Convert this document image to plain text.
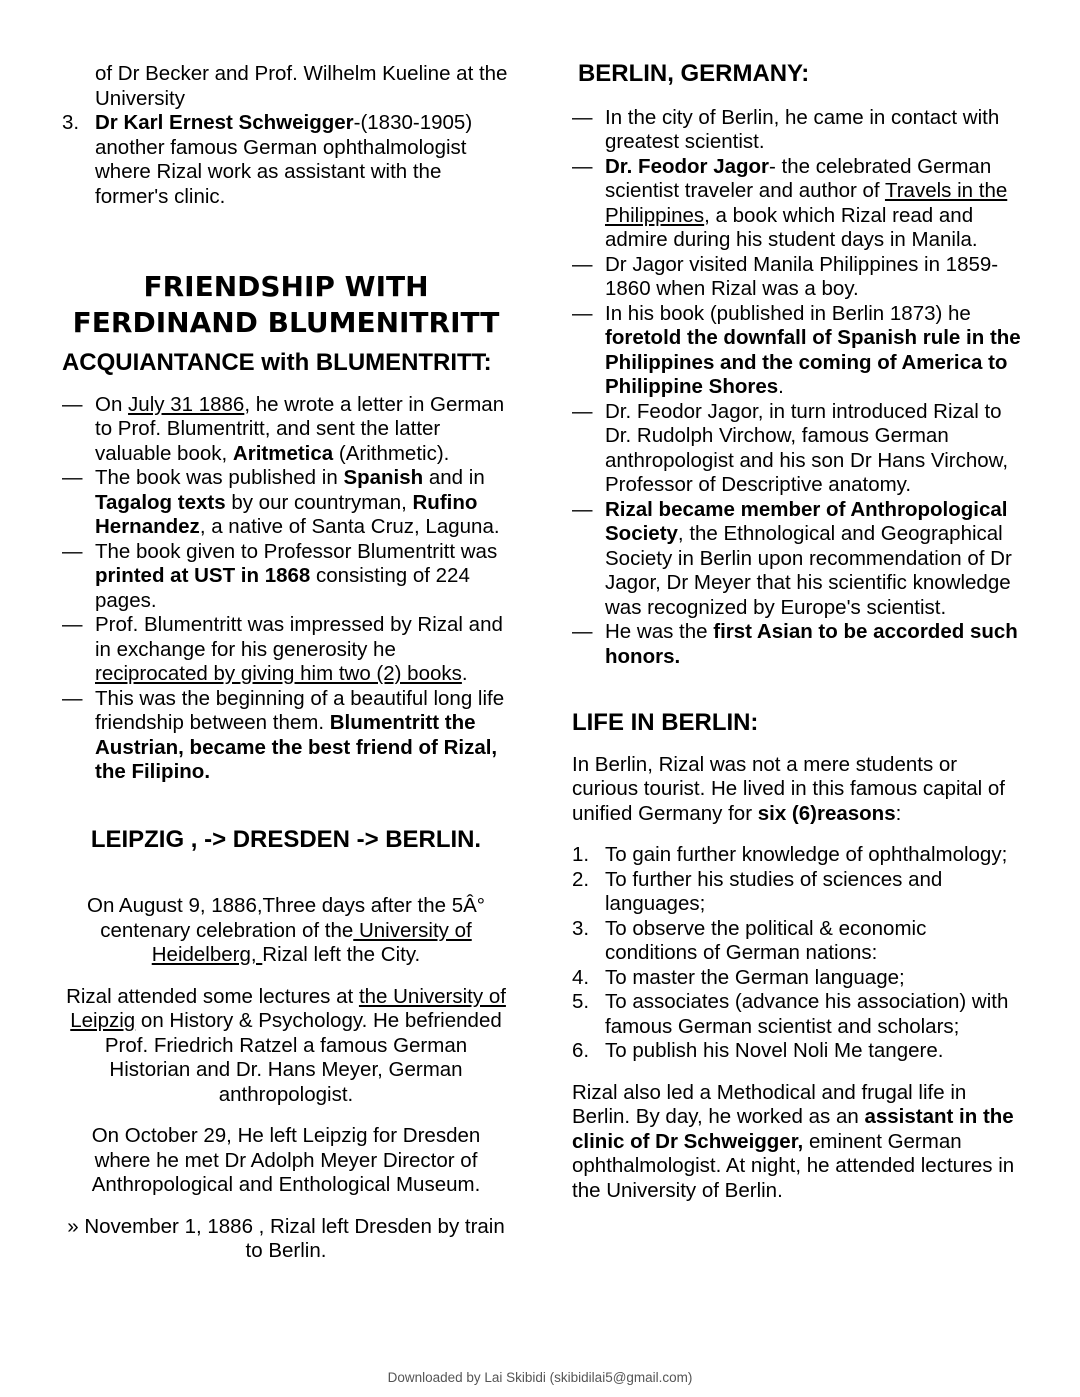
of Dr Becker and Prof. Wilhelm Kueline at the University

3. Dr Karl Ernest Schweigger-(1830-1905) another famous German ophthalmologist where Rizal work as assistant with the former's clinic.
FRIENDSHIP WITH
FERDINAND BLUMENITRITT
ACQUIANTANCE with BLUMENTRITT:
— On July 31 1886, he wrote a letter in German to Prof. Blumentritt, and sent the latter valuable book, Aritmetica (Arithmetic).
— The book was published in Spanish and in Tagalog texts by our countryman, Rufino Hernandez, a native of Santa Cruz, Laguna.
— The book given to Professor Blumentritt was printed at UST in 1868 consisting of 224 pages.
— Prof. Blumentritt was impressed by Rizal and in exchange for his generosity he reciprocated by giving him two (2) books.
— This was the beginning of a beautiful long life friendship between them. Blumentritt the Austrian, became the best friend of Rizal, the Filipino.
LEIPZIG , -> DRESDEN -> BERLIN.

On August 9, 1886,Three days after the 5Â° centenary celebration of the University of Heidelberg, Rizal left the City.

Rizal attended some lectures at the University of Leipzig on History & Psychology. He befriended Prof. Friedrich Ratzel a famous German Historian and Dr. Hans Meyer, German anthropologist.

On October 29, He left Leipzig for Dresden where he met Dr Adolph Meyer Director of Anthropological and Enthological Museum.

» November 1, 1886 , Rizal left Dresden by train to Berlin.

BERLIN, GERMANY:
— In the city of Berlin, he came in contact with greatest scientist.
— Dr. Feodor Jagor- the celebrated German scientist traveler and author of Travels in the Philippines, a book which Rizal read and admire during his student days in Manila.
— Dr Jagor visited Manila Philippines in 1859-1860 when Rizal was a boy.
— In his book (published in Berlin 1873) he foretold the downfall of Spanish rule in the Philippines and the coming of America to Philippine Shores.
— Dr. Feodor Jagor, in turn introduced Rizal to Dr. Rudolph Virchow, famous German anthropologist and his son Dr Hans Virchow, Professor of Descriptive anatomy.
— Rizal became member of Anthropological Society, the Ethnological and Geographical Society in Berlin upon recommendation of Dr Jagor, Dr Meyer that his scientific knowledge was recognized by Europe's scientist.
— He was the first Asian to be accorded such honors.
LIFE IN BERLIN:

In Berlin, Rizal was not a mere students or curious tourist. He lived in this famous capital of unified Germany for six (6)reasons:

1. To gain further knowledge of ophthalmology;
2. To further his studies of sciences and languages;
3. To observe the political & economic conditions of German nations:
4. To master the German language;
5. To associates (advance his association) with famous German scientist and scholars;
6. To publish his Novel Noli Me tangere.

Rizal also led a Methodical and frugal life in Berlin. By day, he worked as an assistant in the clinic of Dr Schweigger, eminent German ophthalmologist. At night, he attended lectures in the University of Berlin.

Downloaded by Lai Skibidi (skibidilai5@gmail.com)
